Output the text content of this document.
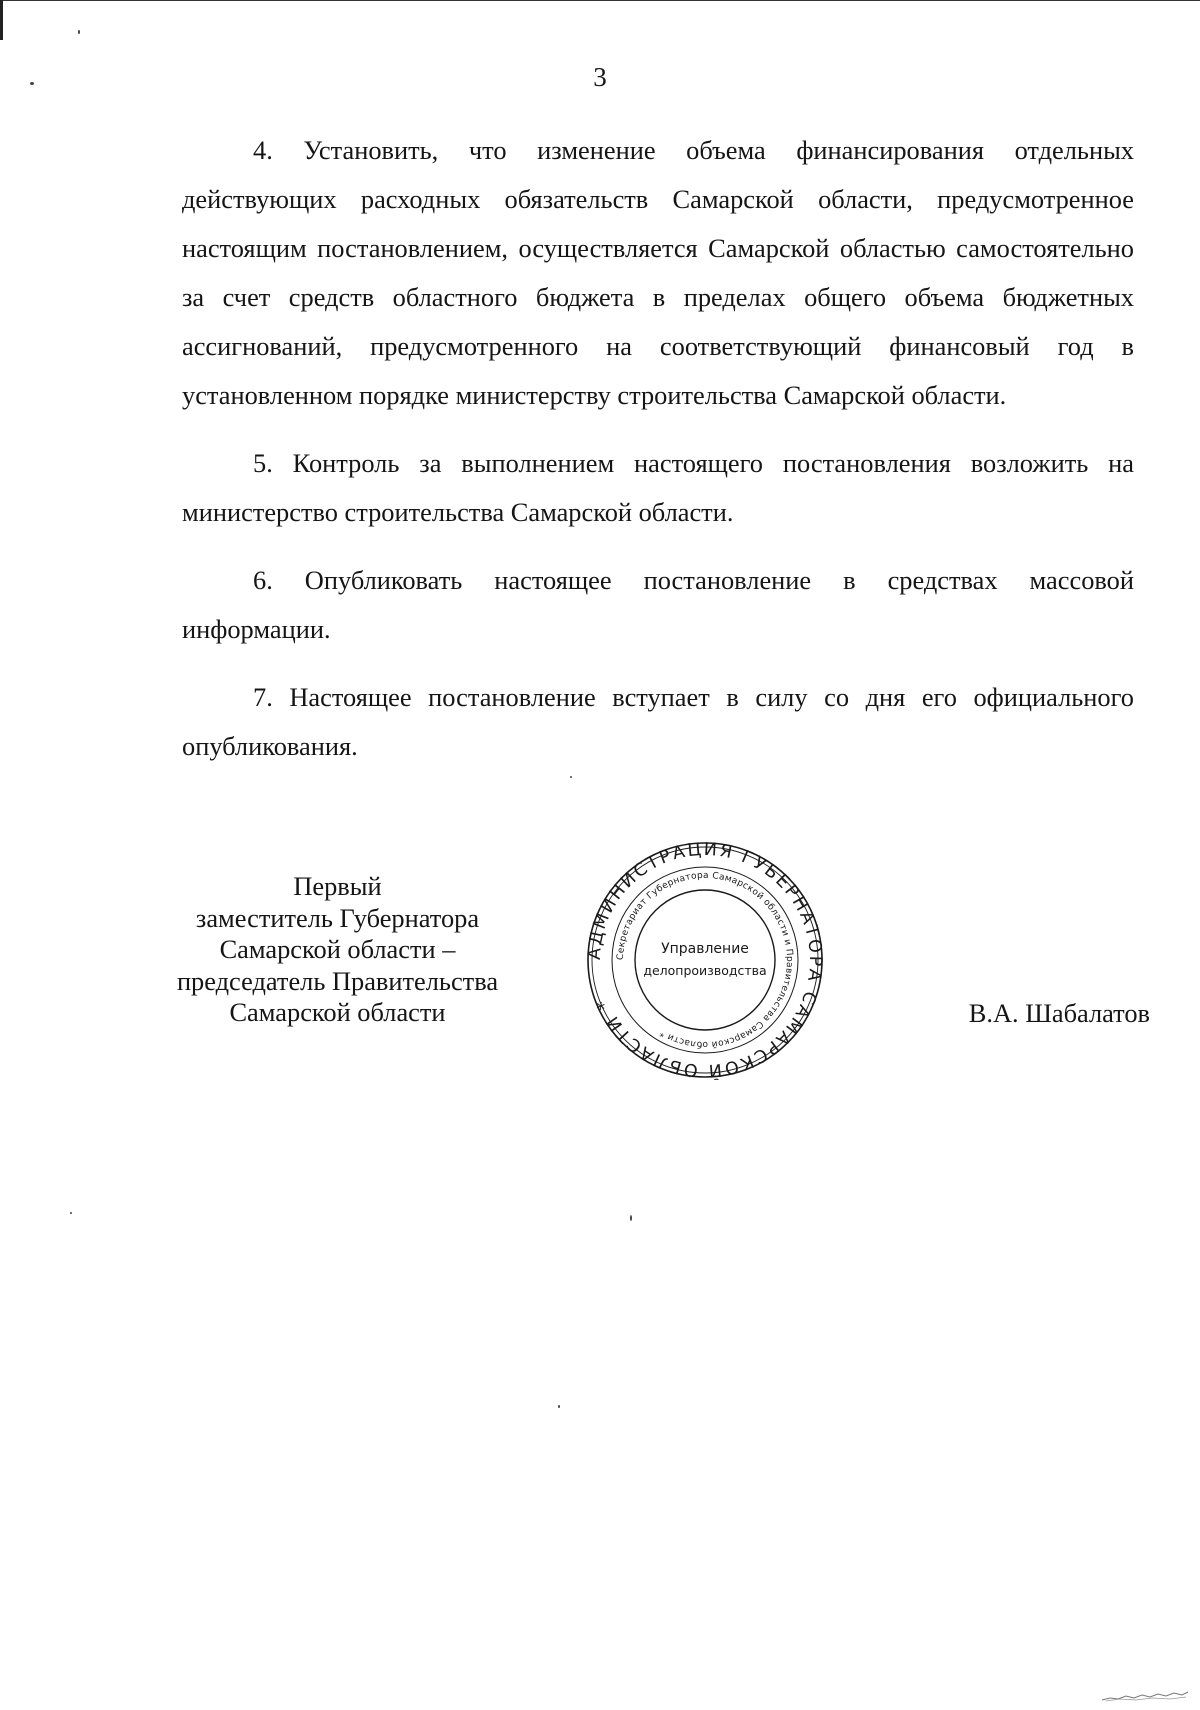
3

4. Установить, что изменение объема финансирования отдельных действующих расходных обязательств Самарской области, предусмотренное настоящим постановлением, осуществляется Самарской областью самостоятельно за счет средств областного бюджета в пределах общего объема бюджетных ассигнований, предусмотренного на соответствующий финансовый год в установленном порядке министерству строительства Самарской области.

5. Контроль за выполнением настоящего постановления возложить на министерство строительства Самарской области.

6. Опубликовать настоящее постановление в средствах массовой информации.

7. Настоящее постановление вступает в силу со дня его официального опубликования.

Первый
заместитель Губернатора
Самарской области –
председатель Правительства
Самарской области
АДМИНИСТРАЦИЯ ГУБЕРНАТОРА САМАРСКОЙ ОБЛАСТИ *
Секретариат Губернатора Самарской области и Правительства Самарской области *
Управление
делопроизводства
В.А. Шабалатов
